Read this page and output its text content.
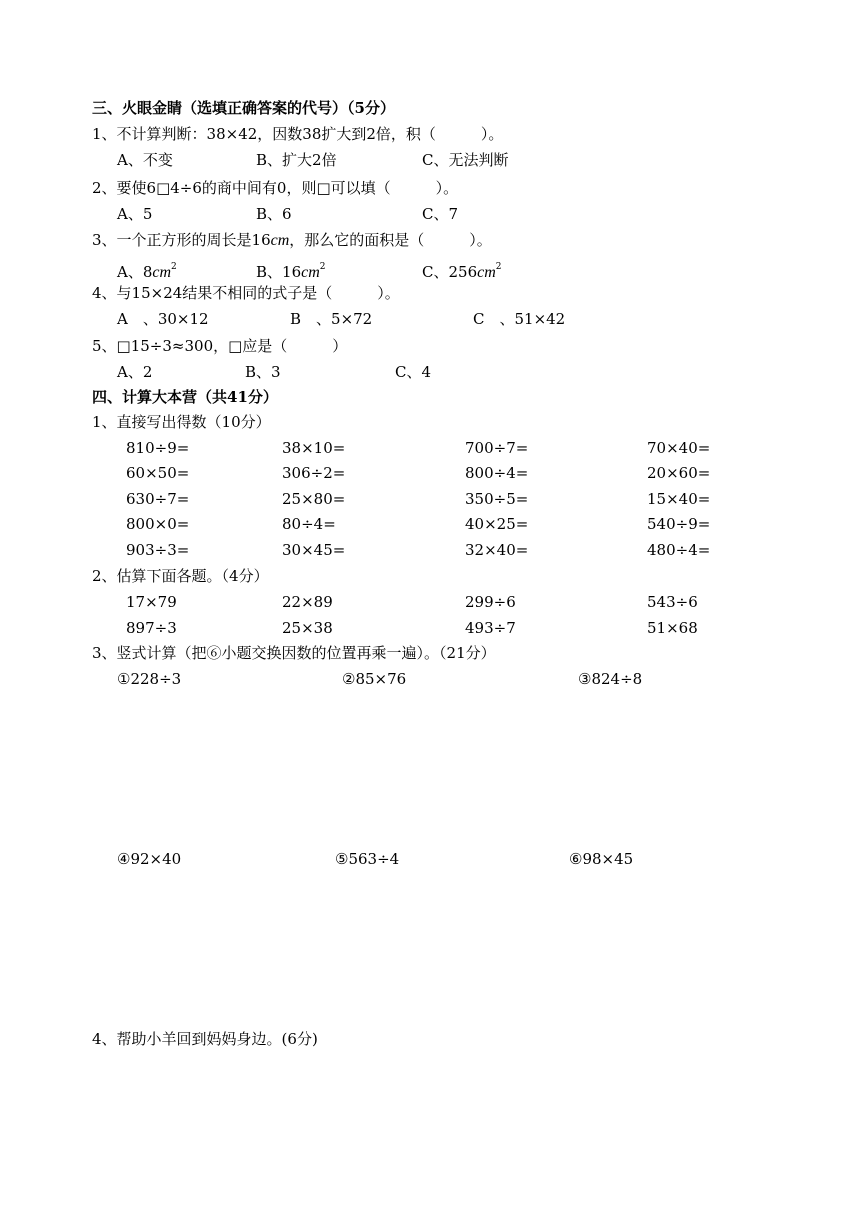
三、火眼金睛（选填正确答案的代号）（5分）
1、不计算判断：38×42，因数38扩大到2倍，积（　　　）。
A、不变	B、扩大2倍	C、无法判断
2、要使6□4÷6的商中间有0，则□可以填（　　　）。
A、5	B、6	C、7
3、一个正方形的周长是16cm，那么它的面积是（　　　）。
A、$8cm^2$	B、$16cm^2$	C、$256cm^2$
4、与15×24结果不相同的式子是（　　　）。
A　、30×12	B　、5×72	C　、51×42
5、□15÷3≈300，□应是（　　　）
A、2	B、3	C、4
四、计算大本营（共41分）
1、直接写出得数（10分）
810÷9=	38×10=	700÷7=	70×40=
60×50=	306÷2=	800÷4=	20×60=
630÷7=	25×80=	350÷5=	15×40=
800×0=	80÷4=	40×25=	540÷9=
903÷3=	30×45=	32×40=	480÷4=
2、估算下面各题。（4分）
17×79	22×89	299÷6	543÷6
897÷3	25×38	493÷7	51×68
3、竖式计算（把⑥小题交换因数的位置再乘一遍）。（21分）
①228÷3	②85×76	③824÷8
④92×40	⑤563÷4	⑥98×45
4、帮助小羊回到妈妈身边。(6分)
